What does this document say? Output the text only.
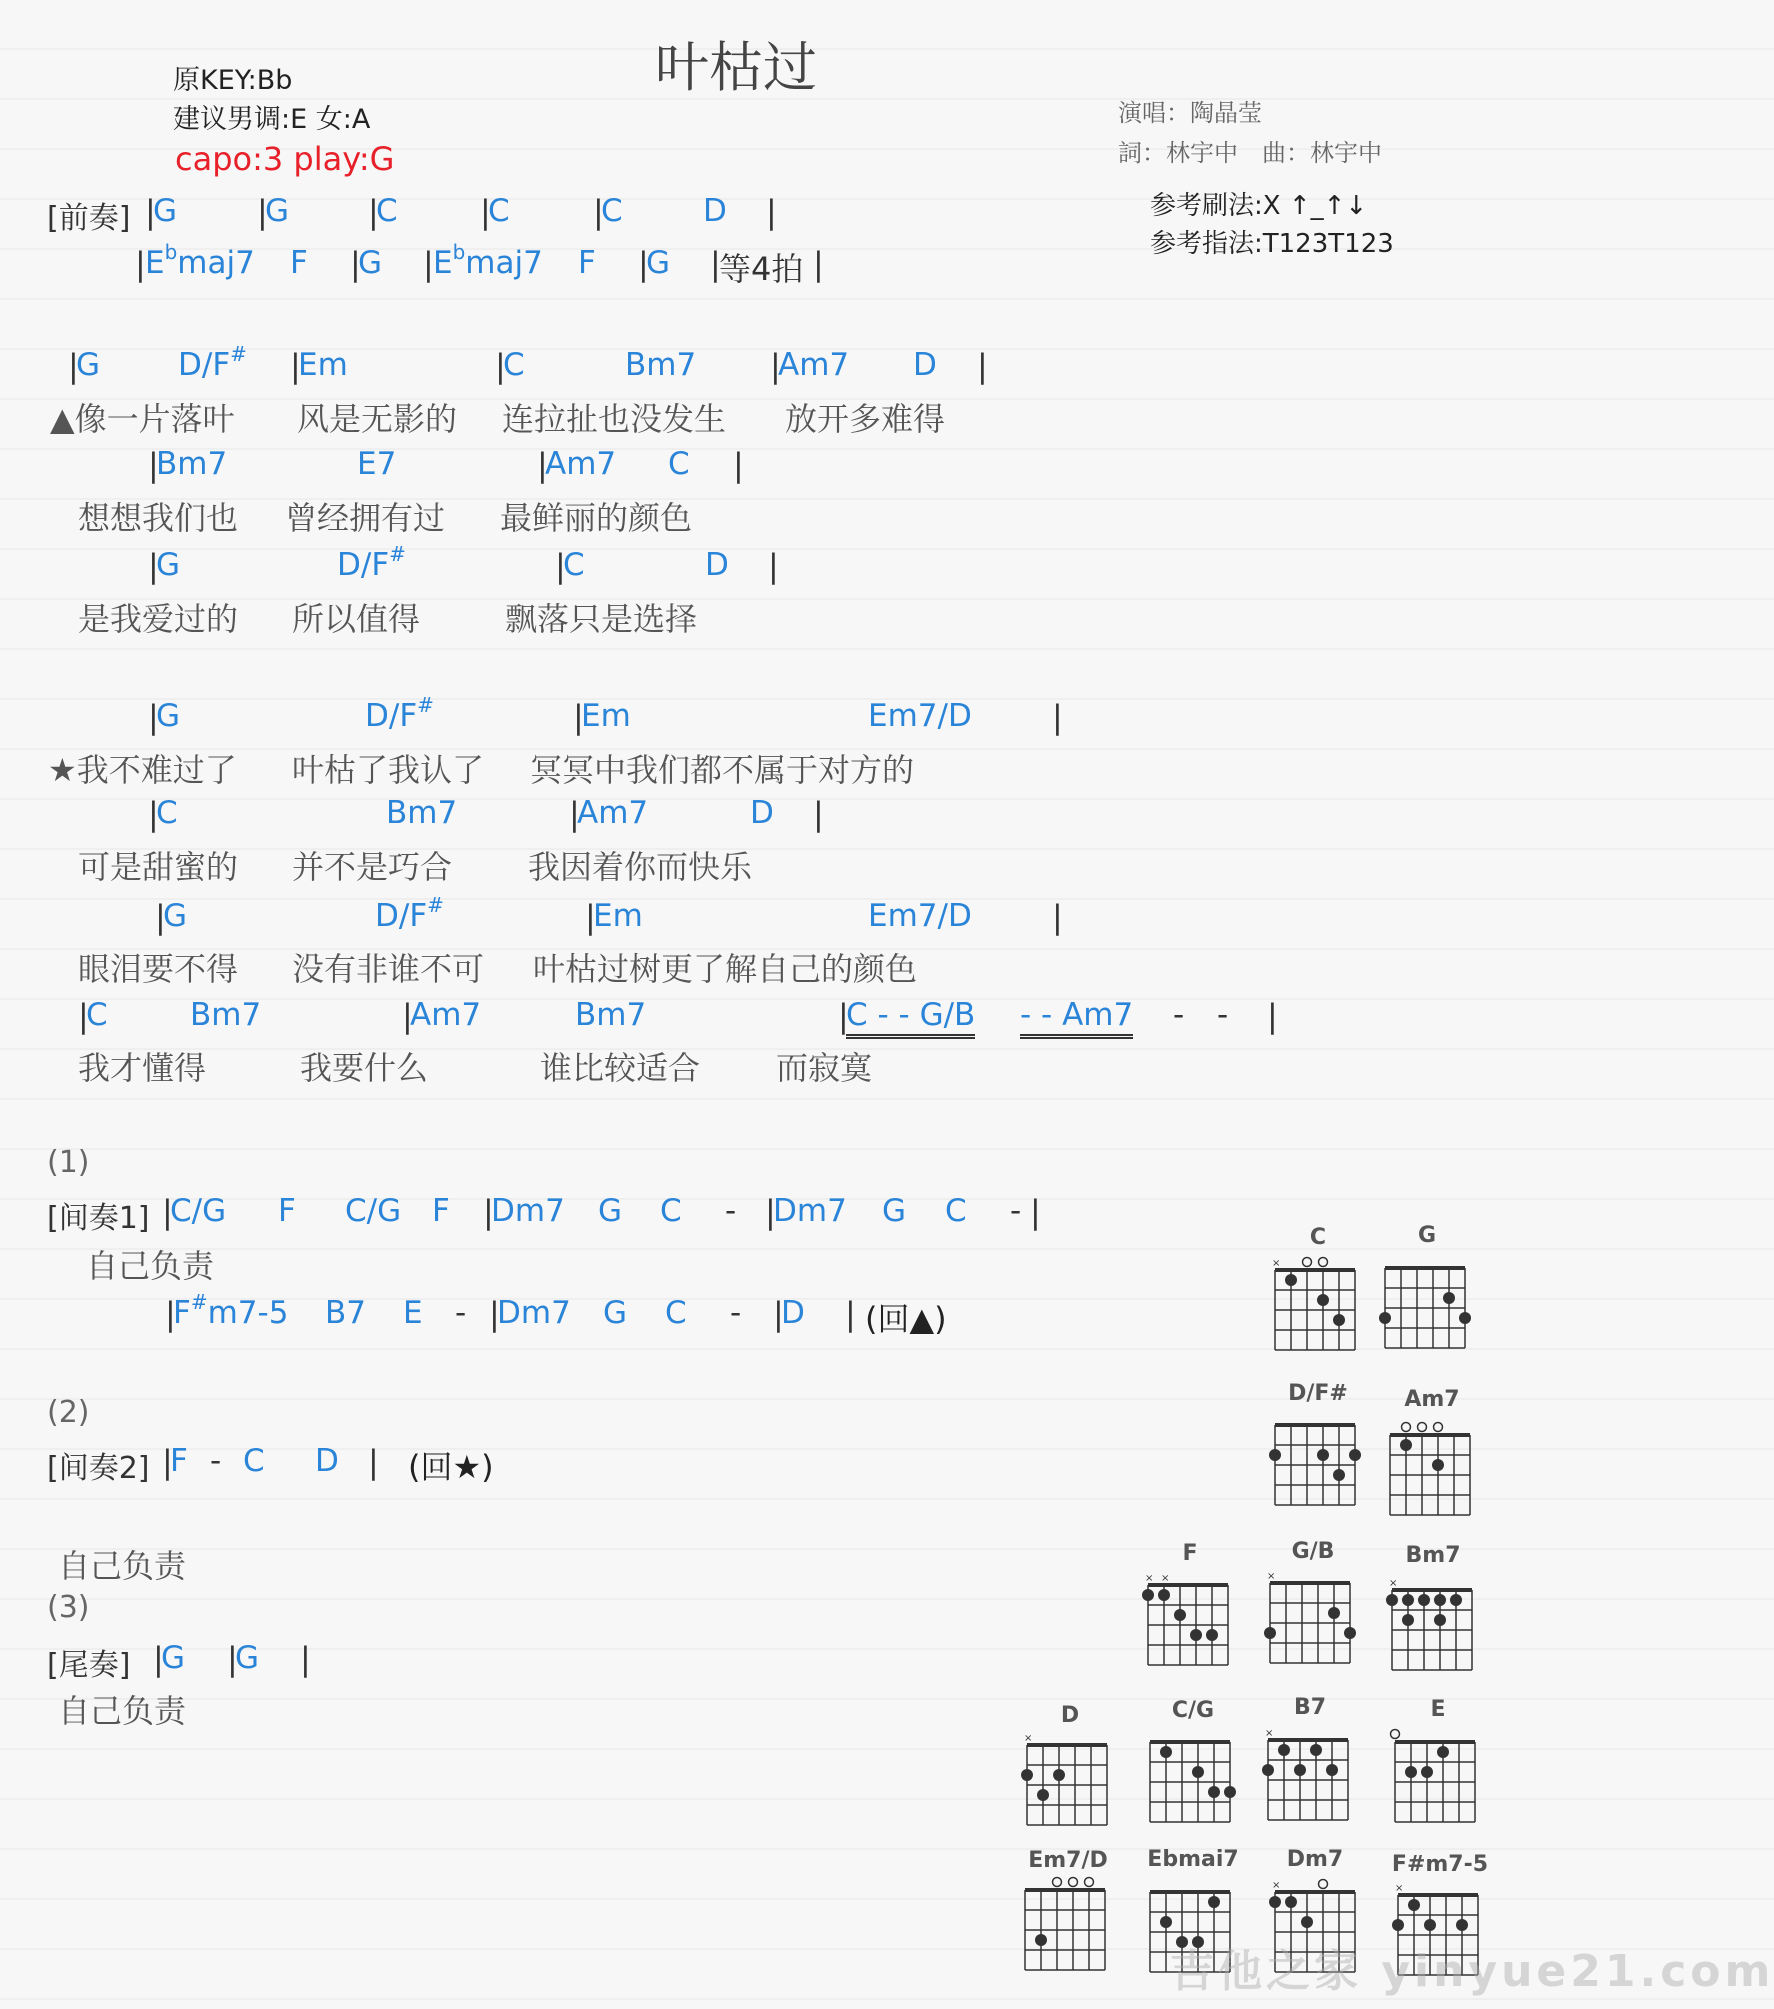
叶枯过
原KEY:Bb
建议男调:E 女:A
capo:3 play:G
演唱：陶晶莹
詞：林宇中　曲：林宇中
参考刷法:X ↑_↑↓
参考指法:T123T123
[前奏] |
G |
G |
C	|
C	|
C	D |
| $E^bmaj7$ F |
G | $E^bmaj7$ F |
G |
等4拍 |
|
G	D/F# |
Em	|
C	Bm7 |
Am7 D |
▲像一片落叶 风是无影的 连拉扯也没发生 放开多难得
|
Bm7	E7	|
Am7 C |
想想我们也 曾经拥有过 最鲜丽的颜色
|
G	D/F#	|
C	D |
是我爱过的 所以值得	飘落只是选择
|
G	D/F#	|
Em	Em7/D	|
★我不难过了 叶枯了我认了 冥冥中我们都不属于对方的
|
C	Bm7	|
Am7	D |
可是甜蜜的 并不是巧合 我因着你而快乐
|
G	D/F#	|
Em	Em7/D	|
眼泪要不得 没有非谁不可 叶枯过树更了解自己的颜色
|
C	Bm7	|
Am7	Bm7	|
C - - G/B - - Am7 - - |
我才懂得	我要什么	谁比较适合 而寂寞
(1)
[间奏1] |
C/G F C/G F |
Dm7 G C - |
Dm7 G C - |
自己负责
|
F#m7-5 B7 E - |
Dm7 G C - |
D | (回▲)
(2)
[间奏2] |
F - C D | (回★)
自己负责
(3)
[尾奏] |
G |
G |
自己负责
C	G
D/F#	Am7
F	G/B	Bm7
D	C/G	B7	E
Em7/D	Ebmai7	Dm7	F#m7-5
×
×
×	×
×
×	×
×	×
吉他之家 yinyue21.com
